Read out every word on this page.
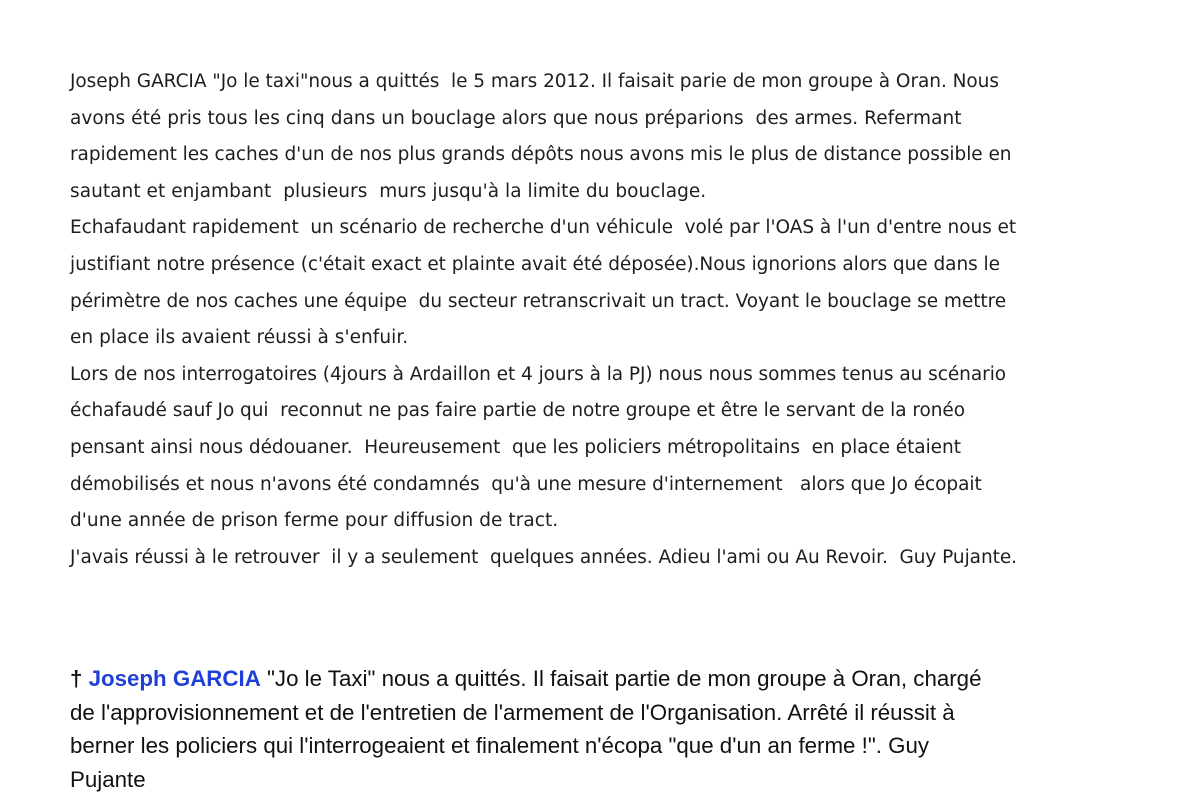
Joseph GARCIA "Jo le taxi"nous a quittés  le 5 mars 2012. Il faisait parie de mon groupe à Oran. Nous
avons été pris tous les cinq dans un bouclage alors que nous préparions  des armes. Refermant
rapidement les caches d'un de nos plus grands dépôts nous avons mis le plus de distance possible en
sautant et enjambant  plusieurs  murs jusqu'à la limite du bouclage.
Echafaudant rapidement  un scénario de recherche d'un véhicule  volé par l'OAS à l'un d'entre nous et
justifiant notre présence (c'était exact et plainte avait été déposée).Nous ignorions alors que dans le
périmètre de nos caches une équipe  du secteur retranscrivait un tract. Voyant le bouclage se mettre
en place ils avaient réussi à s'enfuir.
Lors de nos interrogatoires (4jours à Ardaillon et 4 jours à la PJ) nous nous sommes tenus au scénario
échafaudé sauf Jo qui  reconnut ne pas faire partie de notre groupe et être le servant de la ronéo
pensant ainsi nous dédouaner.  Heureusement  que les policiers métropolitains  en place étaient
démobilisés et nous n'avons été condamnés  qu'à une mesure d'internement   alors que Jo écopait
d'une année de prison ferme pour diffusion de tract.
J'avais réussi à le retrouver  il y a seulement  quelques années. Adieu l'ami ou Au Revoir.  Guy Pujante.
† Joseph GARCIA "Jo le Taxi" nous a quittés. Il faisait partie de mon groupe à Oran, chargé
de l'approvisionnement et de l'entretien de l'armement de l'Organisation. Arrêté il réussit à
berner les policiers qui l'interrogeaient et finalement n'écopa "que d'un an ferme !". Guy
Pujante
